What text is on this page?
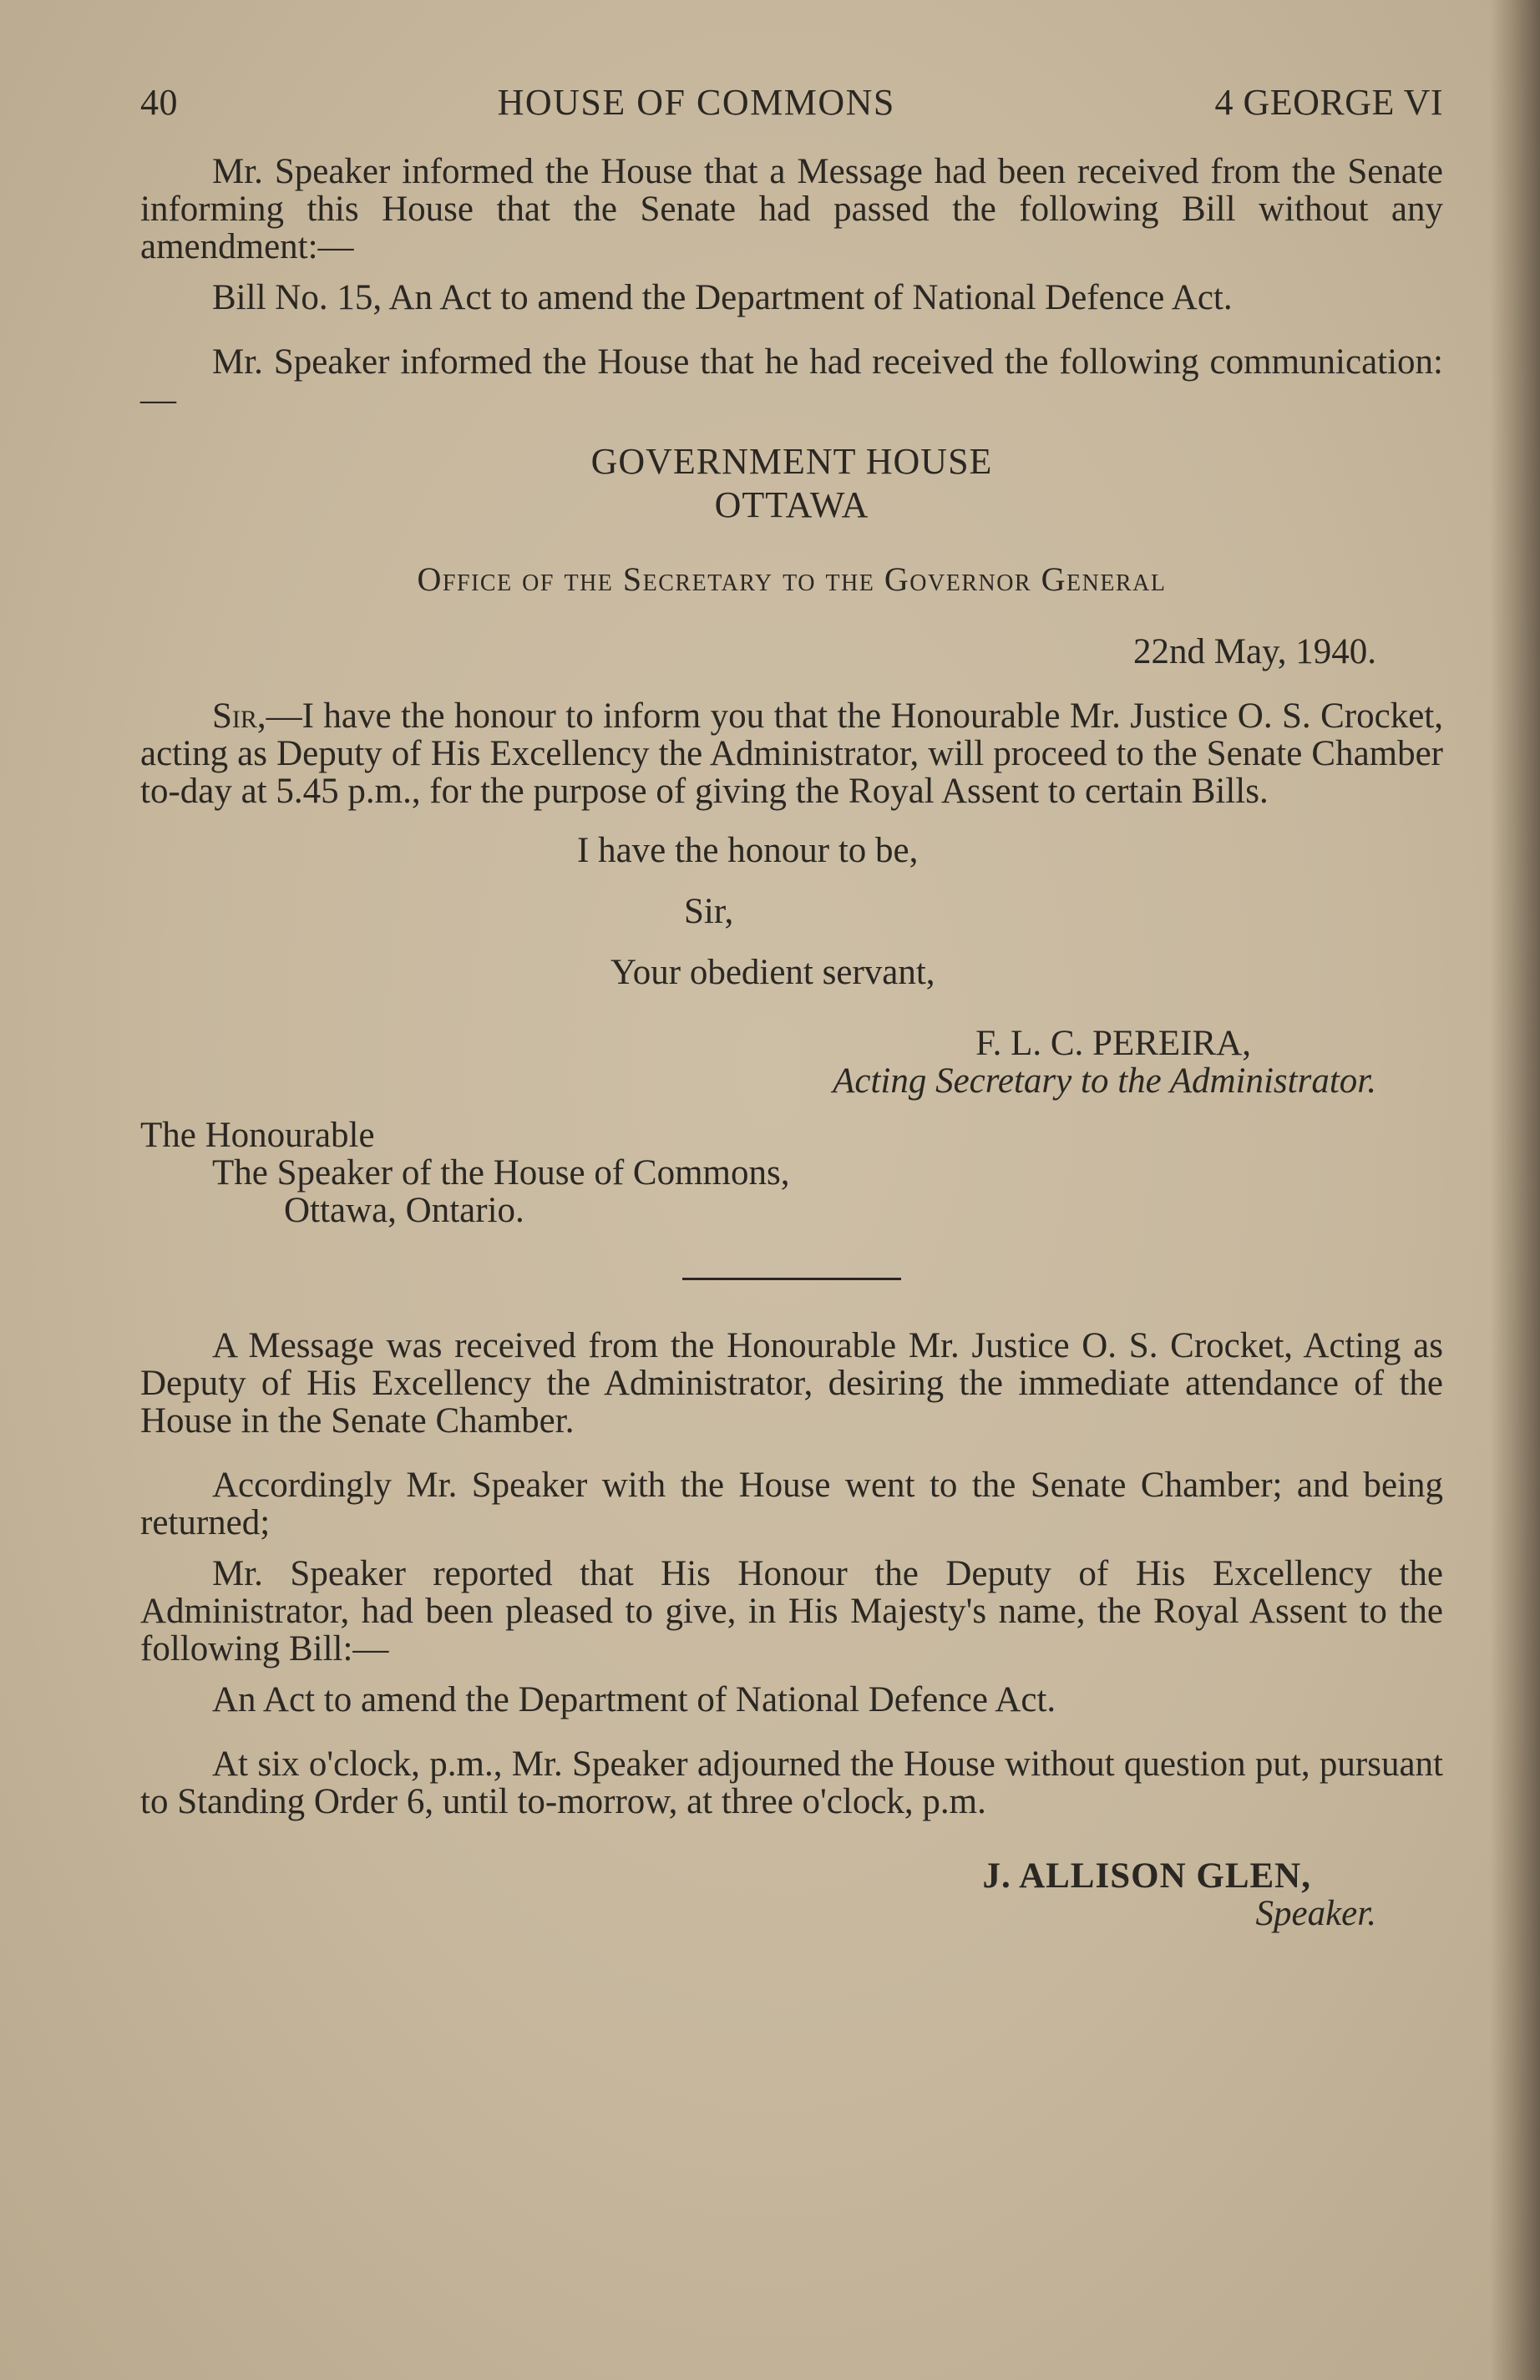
40	HOUSE OF COMMONS	4 GEORGE VI

Mr. Speaker informed the House that a Message had been received from the Senate informing this House that the Senate had passed the following Bill without any amendment:—

Bill No. 15, An Act to amend the Department of National Defence Act.

Mr. Speaker informed the House that he had received the following communication:—

GOVERNMENT HOUSE
OTTAWA
Office of the Secretary to the Governor General
22nd May, 1940.

Sir,—I have the honour to inform you that the Honourable Mr. Justice O. S. Crocket, acting as Deputy of His Excellency the Administrator, will proceed to the Senate Chamber to-day at 5.45 p.m., for the purpose of giving the Royal Assent to certain Bills.

I have the honour to be,
Sir,
Your obedient servant,
F. L. C. PEREIRA,
Acting Secretary to the Administrator.
The Honourable
The Speaker of the House of Commons,
Ottawa, Ontario.

A Message was received from the Honourable Mr. Justice O. S. Crocket, Acting as Deputy of His Excellency the Administrator, desiring the immediate attendance of the House in the Senate Chamber.

Accordingly Mr. Speaker with the House went to the Senate Chamber; and being returned;

Mr. Speaker reported that His Honour the Deputy of His Excellency the Administrator, had been pleased to give, in His Majesty's name, the Royal Assent to the following Bill:—

An Act to amend the Department of National Defence Act.

At six o'clock, p.m., Mr. Speaker adjourned the House without question put, pursuant to Standing Order 6, until to-morrow, at three o'clock, p.m.

J. ALLISON GLEN,
Speaker.
